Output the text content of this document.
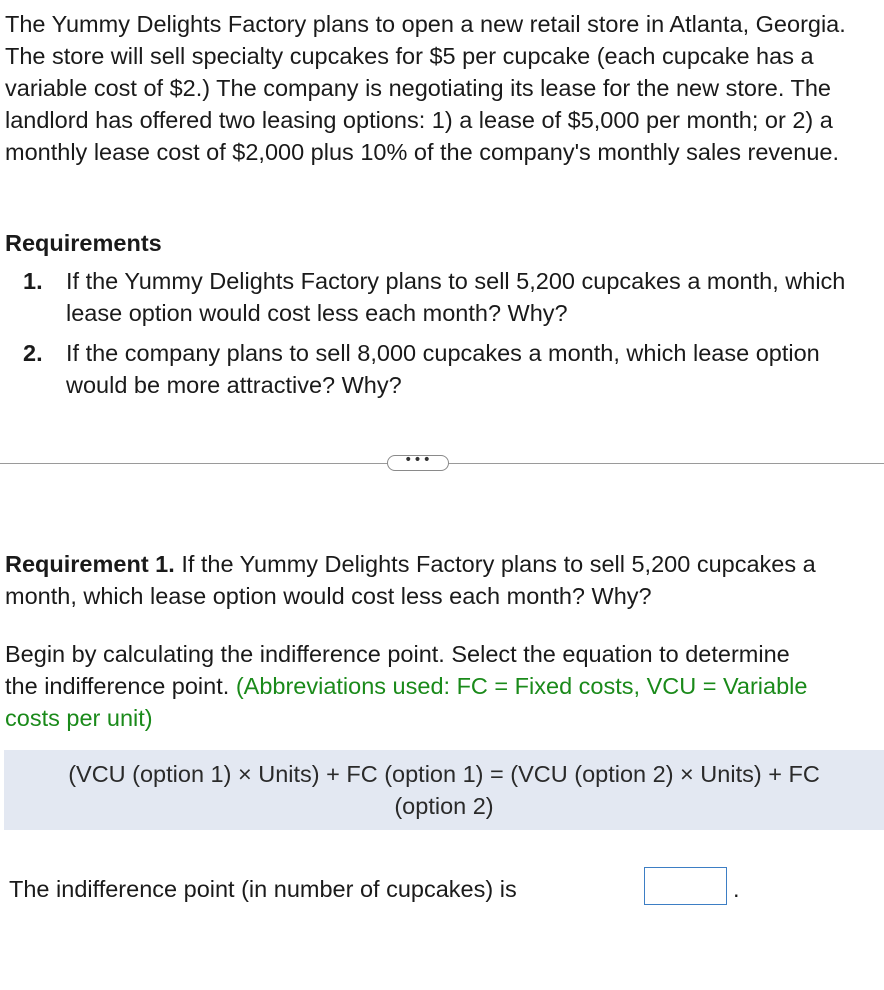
The Yummy Delights Factory plans to open a new retail store in Atlanta, Georgia. The store will sell specialty cupcakes for $5 per cupcake (each cupcake has a variable cost of $2.) The company is negotiating its lease for the new store. The landlord has offered two leasing options: 1) a lease of $5,000 per month; or 2) a monthly lease cost of $2,000 plus 10% of the company's monthly sales revenue.

Requirements
1. If the Yummy Delights Factory plans to sell 5,200 cupcakes a month, which lease option would cost less each month? Why?
2. If the company plans to sell 8,000 cupcakes a month, which lease option would be more attractive? Why?
•••

Requirement 1. If the Yummy Delights Factory plans to sell 5,200 cupcakes a month, which lease option would cost less each month? Why?

Begin by calculating the indifference point. Select the equation to determine
the indifference point. (Abbreviations used: FC = Fixed costs, VCU = Variable
costs per unit)
(VCU (option 1) × Units) + FC (option 1) = (VCU (option 2) × Units) + FC
(option 2)

The indifference point (in number of cupcakes) is	.
